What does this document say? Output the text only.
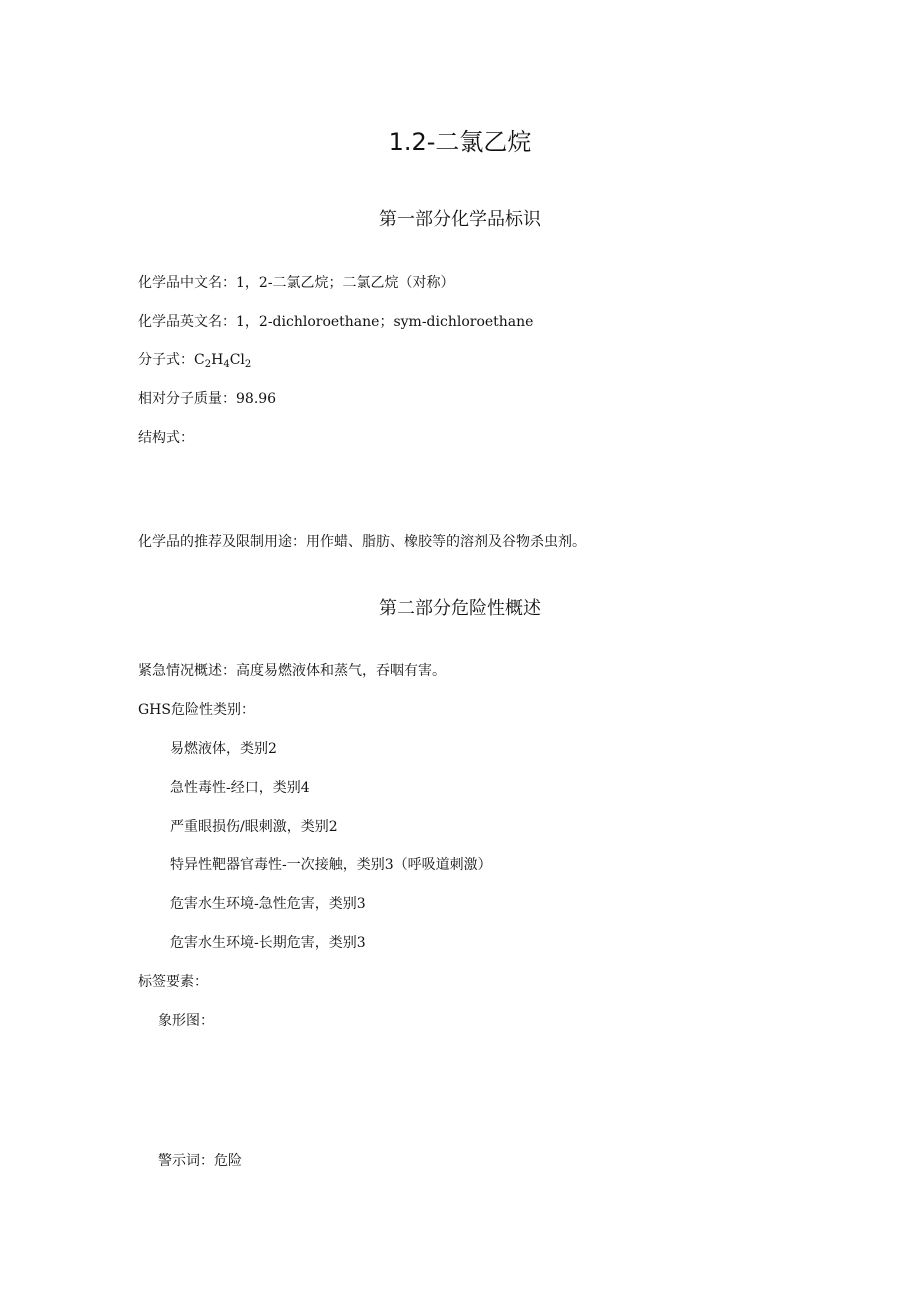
1.2-二氯乙烷
第一部分化学品标识
化学品中文名：1，2-二氯乙烷；二氯乙烷（对称）
化学品英文名：1，2-dichloroethane；sym-dichloroethane
分子式：$C_2H_4Cl_2$
相对分子质量：98.96
结构式：
化学品的推荐及限制用途：用作蜡、脂肪、橡胶等的溶剂及谷物杀虫剂。
第二部分危险性概述
紧急情况概述：高度易燃液体和蒸气，吞咽有害。
GHS危险性类别：
易燃液体，类别2
急性毒性-经口，类别4
严重眼损伤/眼刺激，类别2
特异性靶器官毒性-一次接触，类别3（呼吸道刺激）
危害水生环境-急性危害，类别3
危害水生环境-长期危害，类别3
标签要素：
象形图：
警示词：危险
